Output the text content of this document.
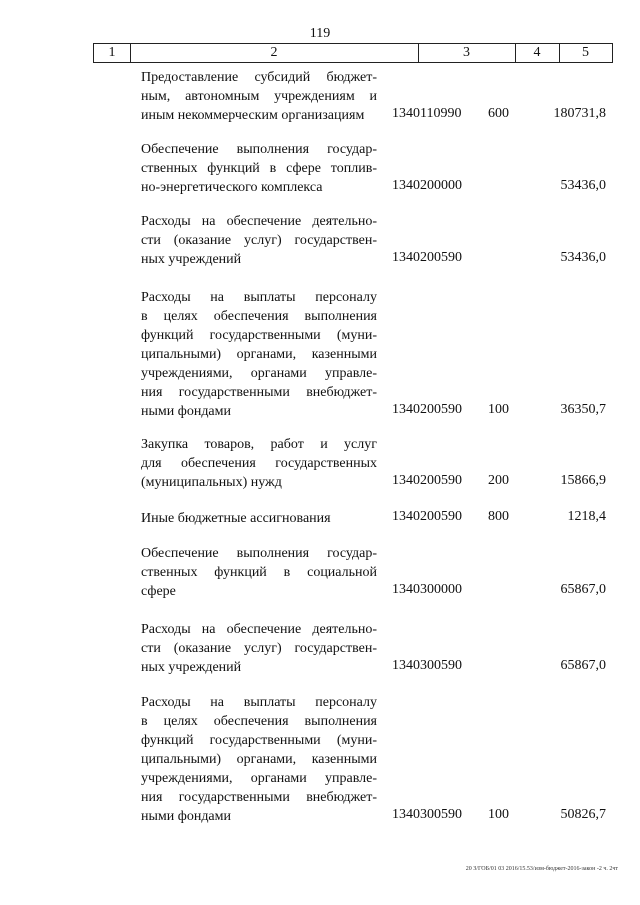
119
1	2	3	4	5
Предоставление субсидий бюджет-
ным, автономным учреждениям и
иным некоммерческим организациям	1340110990 600	180731,8
Обеспечение выполнения государ-
ственных функций в сфере топлив-
но-энергетического комплекса	1340200000	53436,0
Расходы на обеспечение деятельно-
сти (оказание услуг) государствен-
ных учреждений	1340200590	53436,0
Расходы на выплаты персоналу
в целях обеспечения выполнения
функций государственными (муни-
ципальными) органами, казенными
учреждениями, органами управле-
ния государственными внебюджет-
ными фондами	1340200590 100	36350,7
Закупка товаров, работ и услуг
для обеспечения государственных
(муниципальных) нужд	1340200590 200	15866,9
Иные бюджетные ассигнования	1340200590 800	1218,4
Обеспечение выполнения государ-
ственных функций в социальной
сфере	1340300000	65867,0
Расходы на обеспечение деятельно-
сти (оказание услуг) государствен-
ных учреждений	1340300590	65867,0
Расходы на выплаты персоналу
в целях обеспечения выполнения
функций государственными (муни-
ципальными) органами, казенными
учреждениями, органами управле-
ния государственными внебюджет-
ными фондами	1340300590 100	50826,7
20 З/ГОБ/01 03 2016/15.53/изм-бюджет-2016-закон -2 ч. 2чт
